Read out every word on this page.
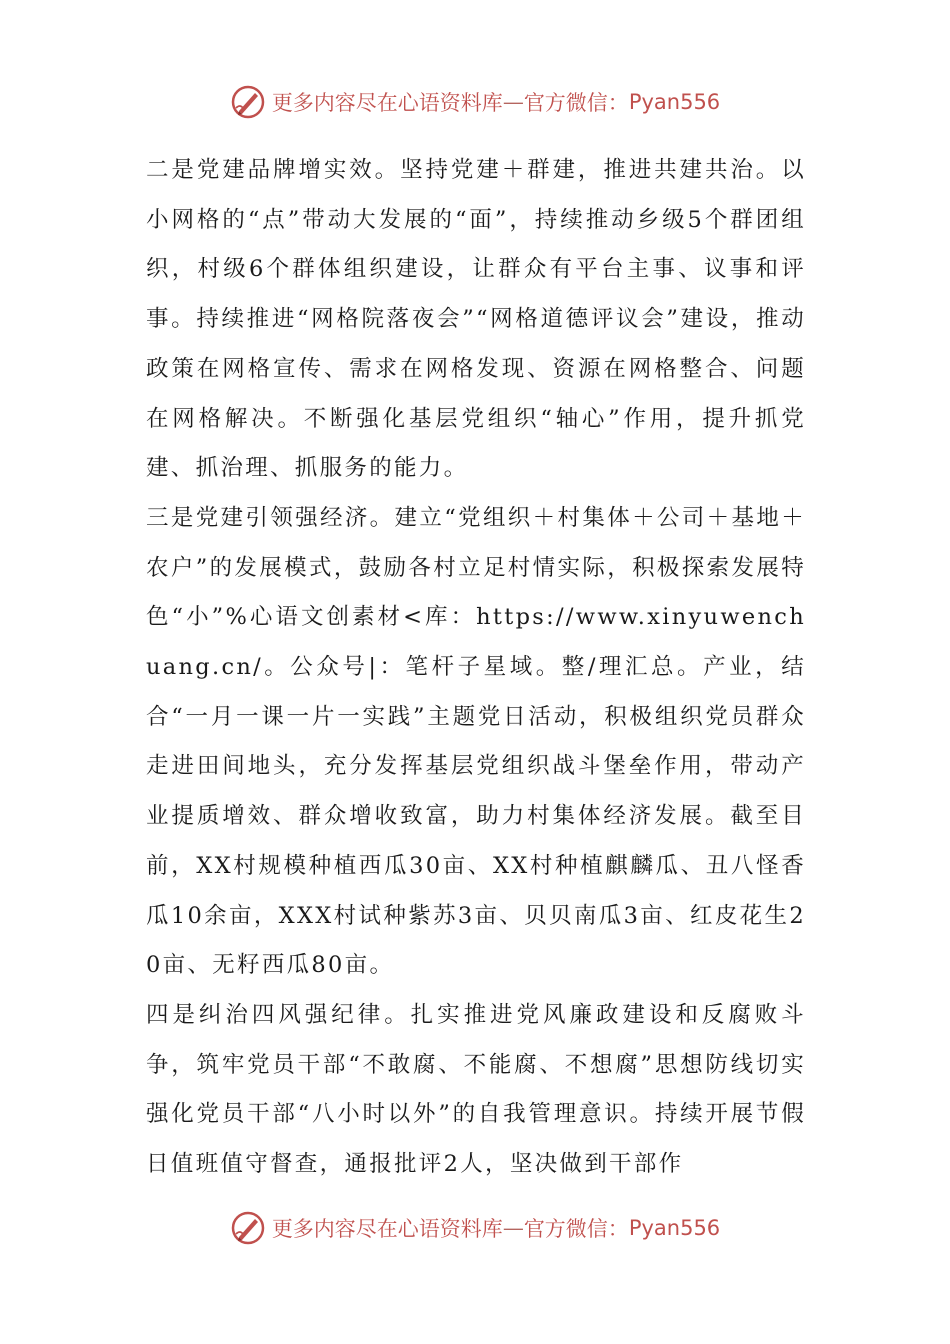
更多内容尽在心语资料库 — 官方微信： Pyan556

二是党建品牌增实效。坚持党建＋群建，推进共建共治。以小网格的“点”带动大发展的“面”，持续推动乡级5个群团组织，村级6个群体组织建设，让群众有平台主事、议事和评事。持续推进“网格院落夜会”“网格道德评议会”建设，推动政策在网格宣传、需求在网格发现、资源在网格整合、问题在网格解决。不断强化基层党组织“轴心”作用，提升抓党建、抓治理、抓服务的能力。

三是党建引领强经济。建立“党组织＋村集体＋公司＋基地＋农户”的发展模式，鼓励各村立足村情实际，积极探索发展特色“小”%心语文创素材<库：https://www.xinyuwenchuang.cn/。公众号|：笔杆子星域。整/理汇总。产业，结合“一月一课一片一实践”主题党日活动，积极组织党员群众走进田间地头，充分发挥基层党组织战斗堡垒作用，带动产业提质增效、群众增收致富，助力村集体经济发展。截至目前，XX村规模种植西瓜30亩、XX村种植麒麟瓜、丑八怪香瓜10余亩，XXX村试种紫苏3亩、贝贝南瓜3亩、红皮花生20亩、无籽西瓜80亩。

四是纠治四风强纪律。扎实推进党风廉政建设和反腐败斗争，筑牢党员干部“不敢腐、不能腐、不想腐”思想防线切实强化党员干部“八小时以外”的自我管理意识。持续开展节假日值班值守督查，通报批评2人，坚决做到干部作

更多内容尽在心语资料库 — 官方微信： Pyan556
